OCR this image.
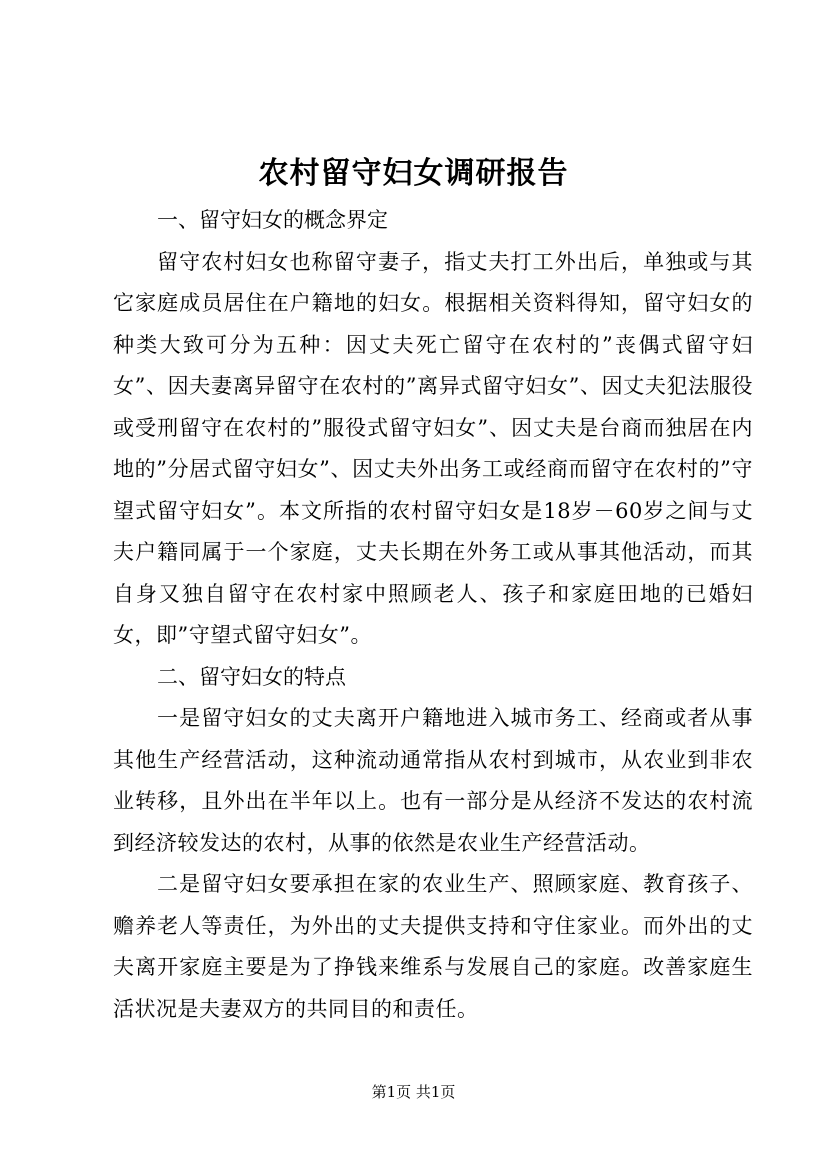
农村留守妇女调研报告

一、留守妇女的概念界定

留守农村妇女也称留守妻子，指丈夫打工外出后，单独或与其它家庭成员居住在户籍地的妇女。根据相关资料得知，留守妇女的种类大致可分为五种：因丈夫死亡留守在农村的”丧偶式留守妇女”、因夫妻离异留守在农村的”离异式留守妇女”、因丈夫犯法服役或受刑留守在农村的”服役式留守妇女”、因丈夫是台商而独居在内地的”分居式留守妇女”、因丈夫外出务工或经商而留守在农村的”守望式留守妇女”。本文所指的农村留守妇女是18岁－60岁之间与丈夫户籍同属于一个家庭，丈夫长期在外务工或从事其他活动，而其自身又独自留守在农村家中照顾老人、孩子和家庭田地的已婚妇女，即”守望式留守妇女”。

二、留守妇女的特点

一是留守妇女的丈夫离开户籍地进入城市务工、经商或者从事其他生产经营活动，这种流动通常指从农村到城市，从农业到非农业转移，且外出在半年以上。也有一部分是从经济不发达的农村流到经济较发达的农村，从事的依然是农业生产经营活动。

二是留守妇女要承担在家的农业生产、照顾家庭、教育孩子、赡养老人等责任，为外出的丈夫提供支持和守住家业。而外出的丈夫离开家庭主要是为了挣钱来维系与发展自己的家庭。改善家庭生活状况是夫妻双方的共同目的和责任。

第1页 共1页
